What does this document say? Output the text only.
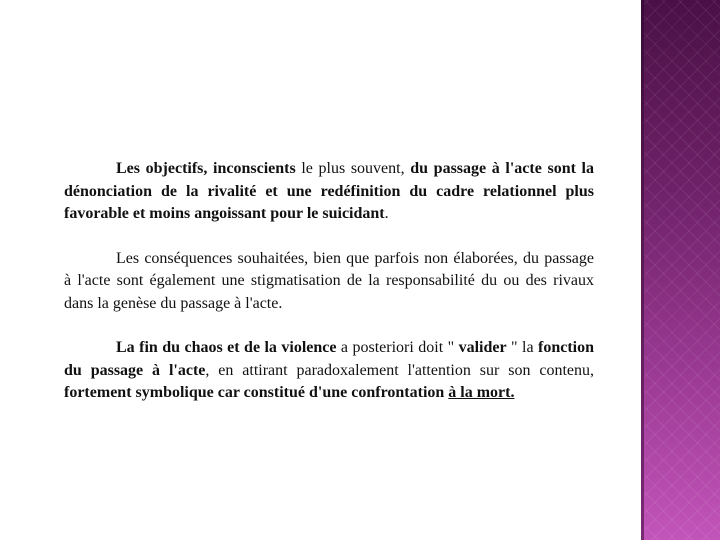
Les objectifs, inconscients le plus souvent, du passage à l'acte sont la dénonciation de la rivalité et une redéfinition du cadre relationnel plus favorable et moins angoissant pour le suicidant.

Les conséquences souhaitées, bien que parfois non élaborées, du passage à l'acte sont également une stigmatisation de la responsabilité du ou des rivaux dans la genèse du passage à l'acte.

La fin du chaos et de la violence a posteriori doit " valider " la fonction du passage à l'acte, en attirant paradoxalement l'attention sur son contenu, fortement symbolique car constitué d'une confrontation à la mort.
